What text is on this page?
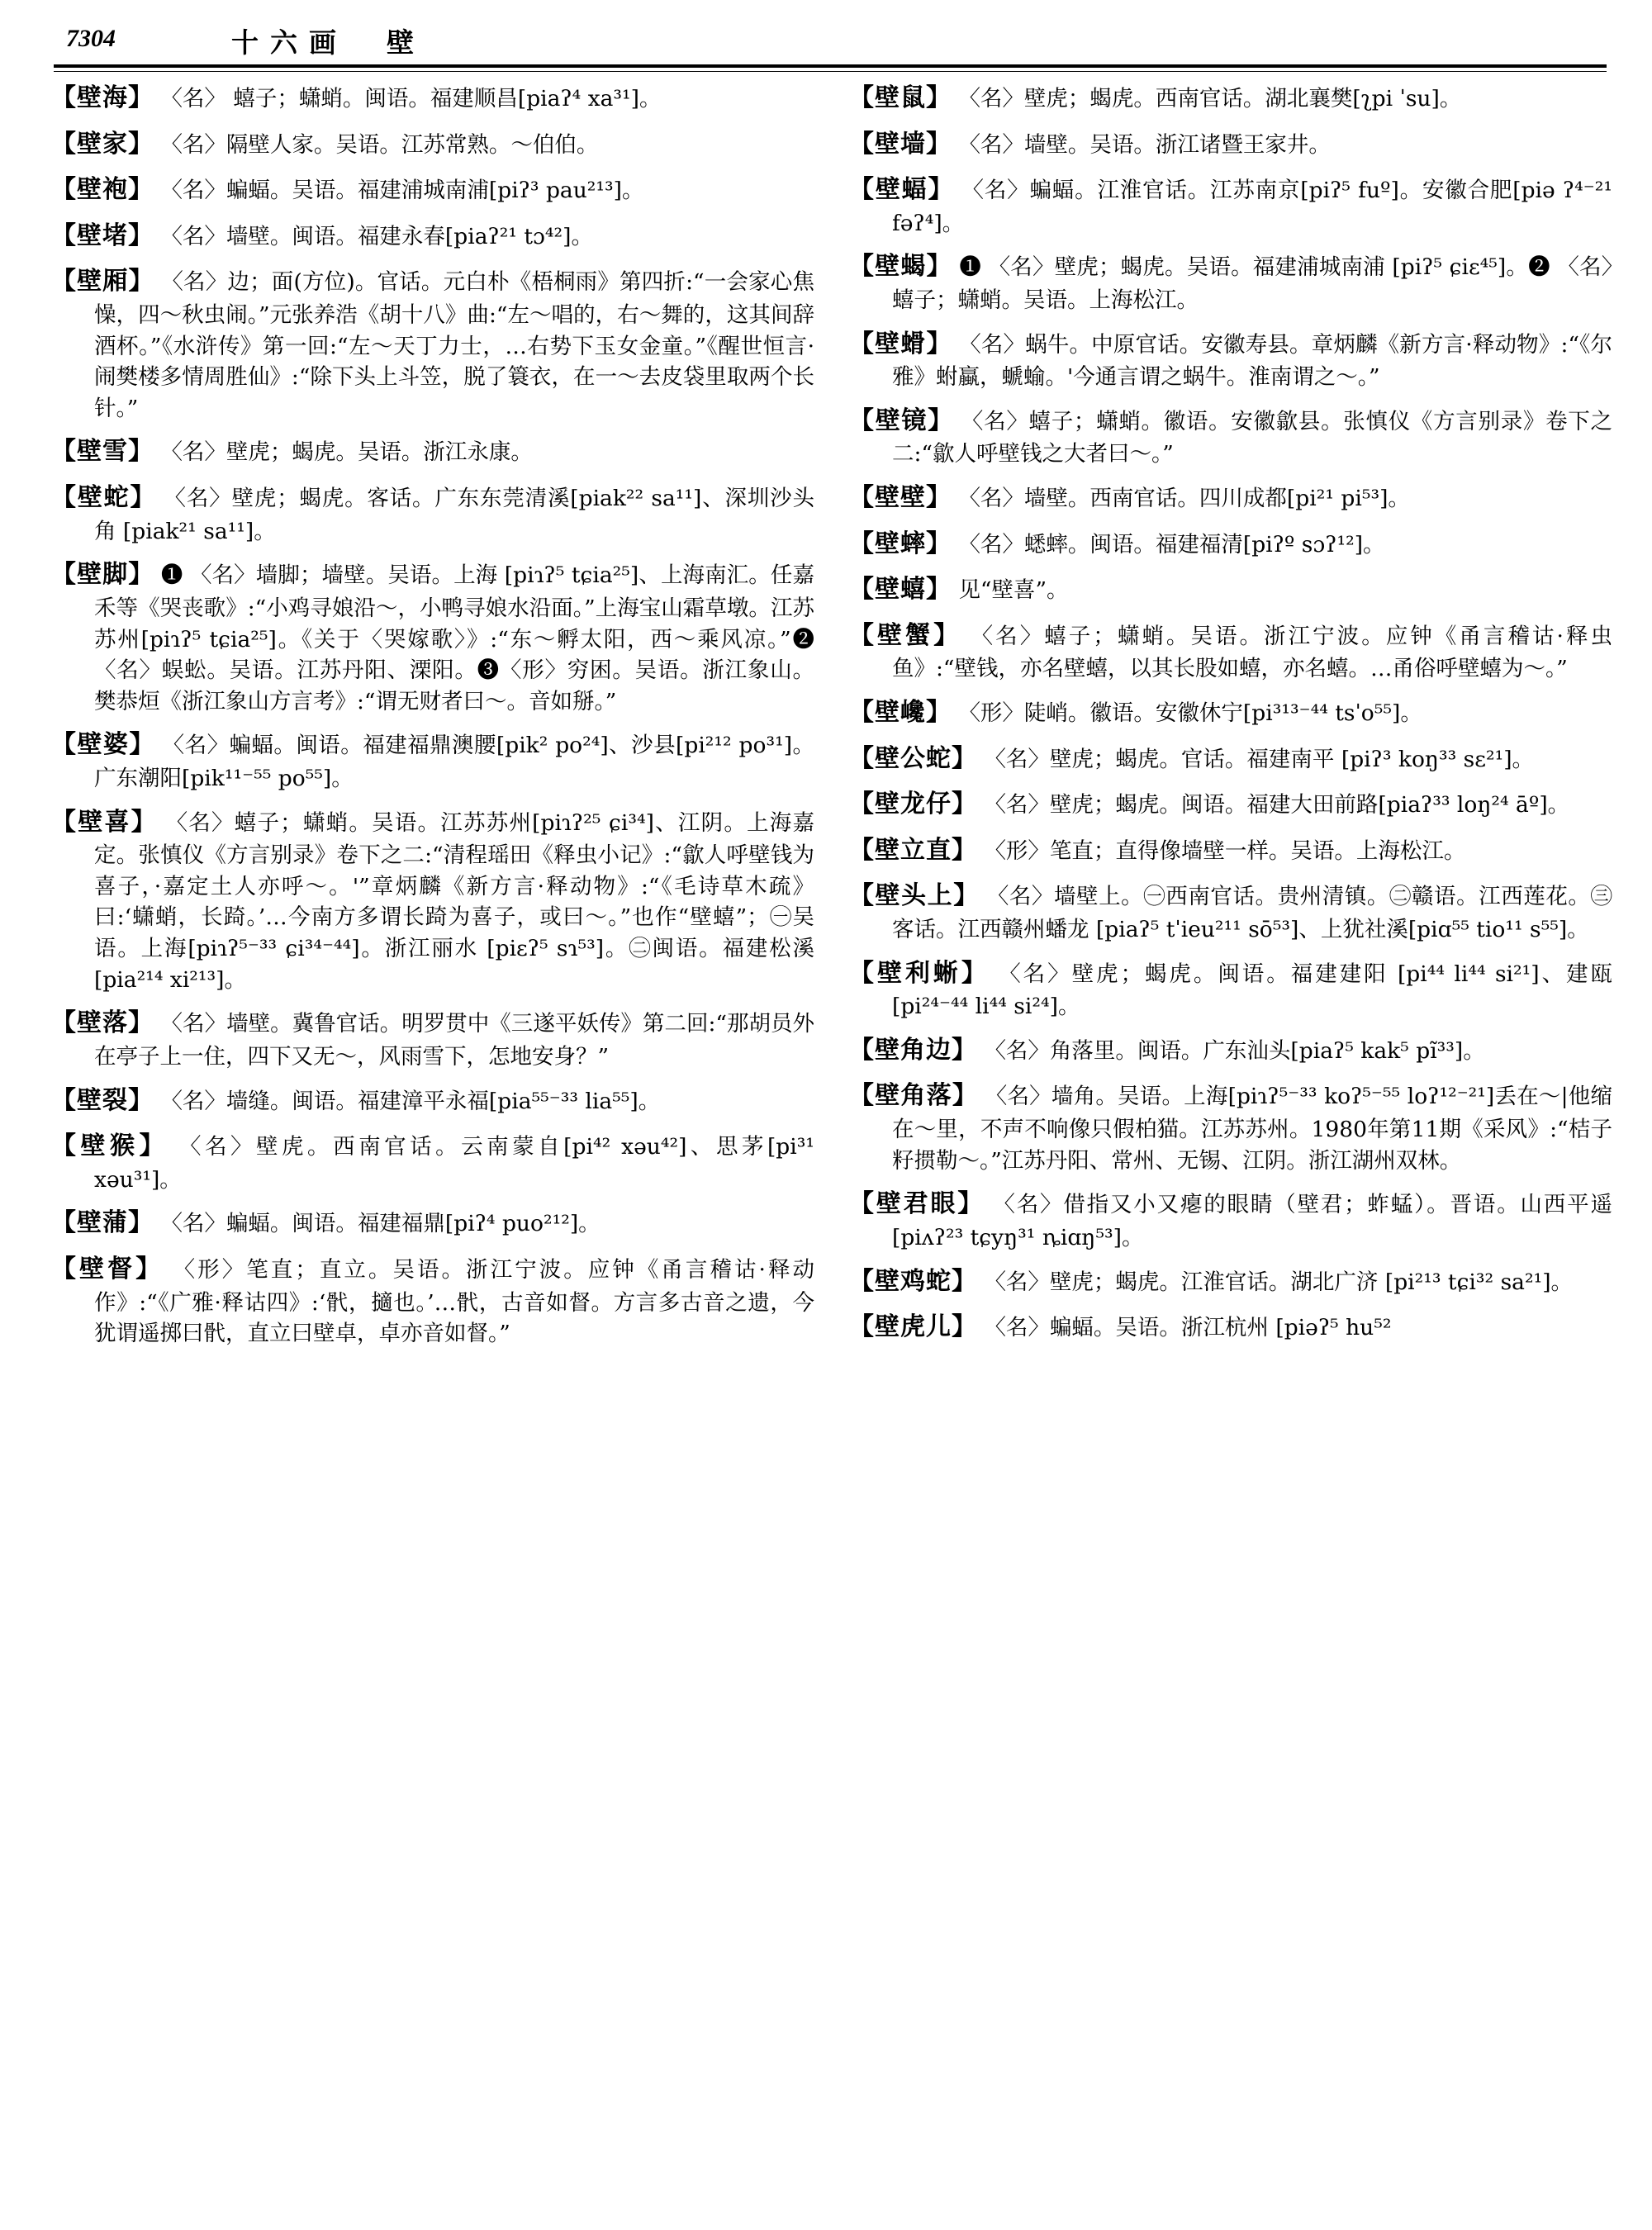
7304	十六画　壁
【壁海】 〈名〉 蟢子；蟏蛸。闽语。福建顺昌[piaʔ⁴ xa³¹]。
【壁家】 〈名〉隔壁人家。吴语。江苏常熟。～伯伯。
【壁袍】 〈名〉蝙蝠。吴语。福建浦城南浦[piʔ³ pau²¹³]。
【壁堵】 〈名〉墙壁。闽语。福建永春[piaʔ²¹ tɔ⁴²]。
【壁厢】 〈名〉边；面(方位)。官话。元白朴《梧桐雨》第四折:“一会家心焦懆，四～秋虫闹。”元张养浩《胡十八》曲:“左～唱的，右～舞的，这其间辞酒杯。”《水浒传》第一回:“左～天丁力士，…右势下玉女金童。”《醒世恒言·闹樊楼多情周胜仙》:“除下头上斗笠，脱了簑衣，在一～去皮袋里取两个长针。”
【壁雪】 〈名〉壁虎；蝎虎。吴语。浙江永康。
【壁蛇】 〈名〉壁虎；蝎虎。客话。广东东莞清溪[piak²² sa¹¹]、深圳沙头角 [piak²¹ sa¹¹]。
【壁脚】 ❶ 〈名〉墙脚；墙壁。吴语。上海 [piɿʔ⁵ tɕia²⁵]、上海南汇。任嘉禾等《哭丧歌》:“小鸡寻娘沿～，小鸭寻娘水沿面。”上海宝山霜草墩。江苏苏州[piɿʔ⁵ tɕia²⁵]。《关于〈哭嫁歌〉》:“东～孵太阳，西～乘风凉。”❷〈名〉蜈蚣。吴语。江苏丹阳、溧阳。❸〈形〉穷困。吴语。浙江象山。樊恭烜《浙江象山方言考》:“谓无财者曰～。音如掰。”
【壁婆】 〈名〉蝙蝠。闽语。福建福鼎澳腰[pik² po²⁴]、沙县[pi²¹² po³¹]。广东潮阳[pik¹¹⁻⁵⁵ po⁵⁵]。
【壁喜】 〈名〉蟢子；蟏蛸。吴语。江苏苏州[piɿʔ²⁵ ɕi³⁴]、江阴。上海嘉定。张慎仪《方言别录》卷下之二:“清程瑶田《释虫小记》:“歙人呼壁钱为喜子，·嘉定土人亦呼～。'”章炳麟《新方言·释动物》:“《毛诗草木疏》曰:‘蟏蛸，长踦。’…今南方多谓长踦为喜子，或曰～。”也作“壁蟢”；㊀吴语。上海[piɿʔ⁵⁻³³ ɕi³⁴⁻⁴⁴]。浙江丽水 [piɛʔ⁵ sɿ⁵³]。㊁闽语。福建松溪 [pia²¹⁴ xi²¹³]。
【壁落】 〈名〉墙壁。冀鲁官话。明罗贯中《三遂平妖传》第二回:“那胡员外在亭子上一住，四下又无～，风雨雪下，怎地安身？”
【壁裂】 〈名〉墙缝。闽语。福建漳平永福[pia⁵⁵⁻³³ lia⁵⁵]。
【壁猴】 〈名〉壁虎。西南官话。云南蒙自[pi⁴² xəu⁴²]、思茅[pi³¹ xəu³¹]。
【壁蒲】 〈名〉蝙蝠。闽语。福建福鼎[piʔ⁴ puo²¹²]。
【壁督】 〈形〉笔直；直立。吴语。浙江宁波。应钟《甬言稽诂·释动作》:“《广雅·释诂四》:‘骮，擿也。’…骮，古音如督。方言多古音之遗，今犹谓遥掷曰骮，直立曰壁卓，卓亦音如督。”
【壁鼠】 〈名〉壁虎；蝎虎。西南官话。湖北襄樊[ʅpi ˈsu]。
【壁墙】 〈名〉墙壁。吴语。浙江诸暨王家井。
【壁蝠】 〈名〉蝙蝠。江淮官话。江苏南京[piʔ⁵ fuº]。安徽合肥[piə ʔ⁴⁻²¹ fəʔ⁴]。
【壁蝎】 ❶ 〈名〉壁虎；蝎虎。吴语。福建浦城南浦 [piʔ⁵ ɕiɛ⁴⁵]。❷ 〈名〉蟢子；蟏蛸。吴语。上海松江。
【壁螖】 〈名〉蜗牛。中原官话。安徽寿县。章炳麟《新方言·释动物》:“《尔雅》蚹蠃，螔蝓。'今通言谓之蜗牛。淮南谓之～。”
【壁镜】 〈名〉蟢子；蟏蛸。徽语。安徽歙县。张慎仪《方言别录》卷下之二:“歙人呼壁钱之大者曰～。”
【壁壁】 〈名〉墙壁。西南官话。四川成都[pi²¹ pi⁵³]。
【壁蟀】 〈名〉蟋蟀。闽语。福建福清[piʔº sɔʔ¹²]。
【壁蟢】 见“壁喜”。
【壁蟹】 〈名〉蟢子；蟏蛸。吴语。浙江宁波。应钟《甬言稽诂·释虫鱼》:“壁钱，亦名壁蟢，以其长股如蟢，亦名蟢。…甬俗呼壁蟢为～。”
【壁巉】 〈形〉陡峭。徽语。安徽休宁[pi³¹³⁻⁴⁴ tsˈo⁵⁵]。
【壁公蛇】 〈名〉壁虎；蝎虎。官话。福建南平 [piʔ³ koŋ³³ sɛ²¹]。
【壁龙仔】 〈名〉壁虎；蝎虎。闽语。福建大田前路[piaʔ³³ loŋ²⁴ āº]。
【壁立直】 〈形〉笔直；直得像墙壁一样。吴语。上海松江。
【壁头上】 〈名〉墙壁上。㊀西南官话。贵州清镇。㊁赣语。江西莲花。㊂客话。江西赣州蟠龙 [piaʔ⁵ tˈieu²¹¹ sō⁵³]、上犹社溪[piɑ⁵⁵ tio¹¹ s⁵⁵]。
【壁利蜥】 〈名〉壁虎；蝎虎。闽语。福建建阳 [pi⁴⁴ li⁴⁴ si²¹]、建瓯[pi²⁴⁻⁴⁴ li⁴⁴ si²⁴]。
【壁角边】 〈名〉角落里。闽语。广东汕头[piaʔ⁵ kak⁵ pĩ³³]。
【壁角落】 〈名〉墙角。吴语。上海[piɿʔ⁵⁻³³ koʔ⁵⁻⁵⁵ loʔ¹²⁻²¹]丢在～|他缩在～里，不声不响像只假柏猫。江苏苏州。1980年第11期《采风》:“桔子籽掼勒～。”江苏丹阳、常州、无锡、江阴。浙江湖州双林。
【壁君眼】 〈名〉借指又小又瘪的眼睛（壁君；蚱蜢）。晋语。山西平遥[piʌʔ²³ tɕyŋ³¹ ȵiɑŋ⁵³]。
【壁鸡蛇】 〈名〉壁虎；蝎虎。江淮官话。湖北广济 [pi²¹³ tɕi³² sa²¹]。
【壁虎儿】 〈名〉蝙蝠。吴语。浙江杭州 [piəʔ⁵ hu⁵²
